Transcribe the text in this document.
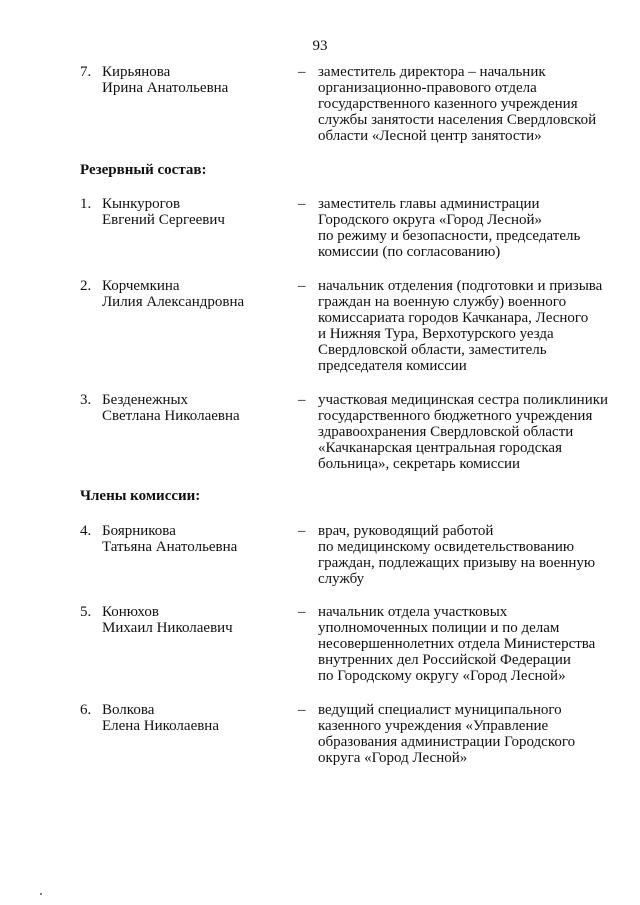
93
7. Кирьянова
Ирина Анатольевна
– заместитель директора – начальник
организационно-правового отдела
государственного казенного учреждения
службы занятости населения Свердловской
области «Лесной центр занятости»
Резервный состав:
1. Кынкурогов
Евгений Сергеевич
– заместитель главы администрации
Городского округа «Город Лесной»
по режиму и безопасности, председатель
комиссии (по согласованию)
2. Корчемкина
Лилия Александровна
– начальник отделения (подготовки и призыва
граждан на военную службу) военного
комиссариата городов Качканара, Лесного
и Нижняя Тура, Верхотурского уезда
Свердловской области, заместитель
председателя комиссии
3. Безденежных
Светлана Николаевна
– участковая медицинская сестра поликлиники
государственного бюджетного учреждения
здравоохранения Свердловской области
«Качканарская центральная городская
больница», секретарь комиссии
Члены комиссии:
4. Боярникова
Татьяна Анатольевна
– врач, руководящий работой
по медицинскому освидетельствованию
граждан, подлежащих призыву на военную
службу
5. Конюхов
Михаил Николаевич
– начальник отдела участковых
уполномоченных полиции и по делам
несовершеннолетних отдела Министерства
внутренних дел Российской Федерации
по Городскому округу «Город Лесной»
6. Волкова
Елена Николаевна
– ведущий специалист муниципального
казенного учреждения «Управление
образования администрации Городского
округа «Город Лесной»
